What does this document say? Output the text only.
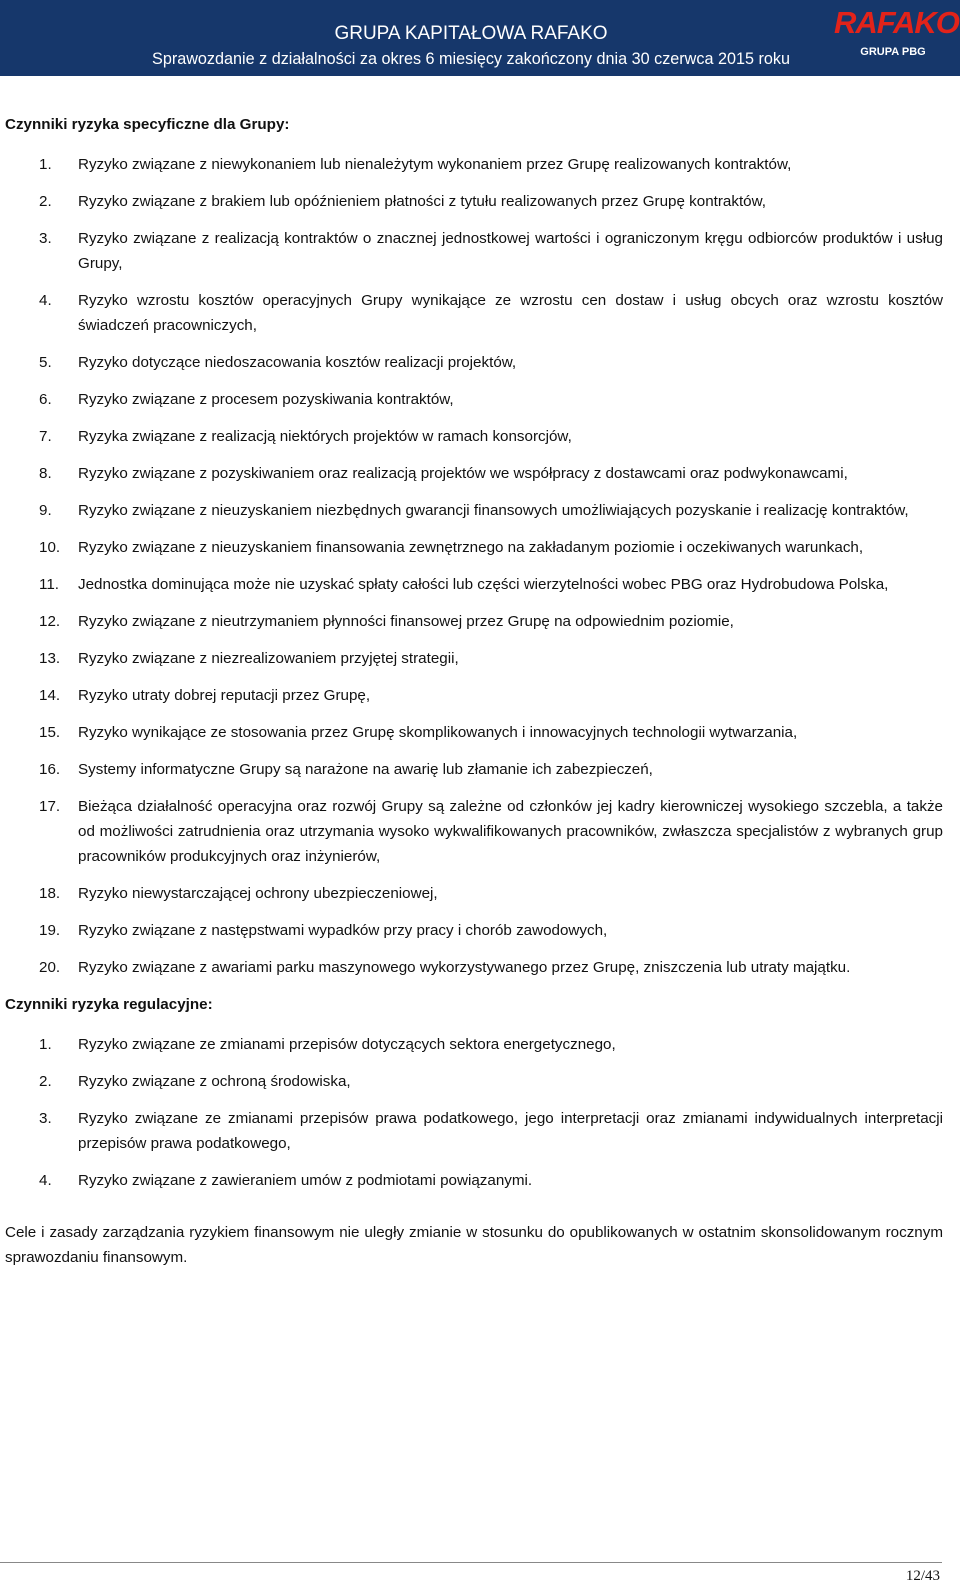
GRUPA KAPITAŁOWA RAFAKO
Sprawozdanie z działalności za okres 6 miesięcy zakończony dnia 30 czerwca 2015 roku
RAFAKO
GRUPA PBG

Czynniki ryzyka specyficzne dla Grupy:

1. Ryzyko związane z niewykonaniem lub nienależytym wykonaniem przez Grupę realizowanych kontraktów,
2. Ryzyko związane z brakiem lub opóźnieniem płatności z tytułu realizowanych przez Grupę kontraktów,
3. Ryzyko związane z realizacją kontraktów o znacznej jednostkowej wartości i ograniczonym kręgu odbiorców produktów i usług Grupy,
4. Ryzyko wzrostu kosztów operacyjnych Grupy wynikające ze wzrostu cen dostaw i usług obcych oraz wzrostu kosztów świadczeń pracowniczych,
5. Ryzyko dotyczące niedoszacowania kosztów realizacji projektów,
6. Ryzyko związane z procesem pozyskiwania kontraktów,
7. Ryzyka związane z realizacją niektórych projektów w ramach konsorcjów,
8. Ryzyko związane z pozyskiwaniem oraz realizacją projektów we współpracy z dostawcami oraz podwykonawcami,
9. Ryzyko związane z nieuzyskaniem niezbędnych gwarancji finansowych umożliwiających pozyskanie i realizację kontraktów,
10. Ryzyko związane z nieuzyskaniem finansowania zewnętrznego na zakładanym poziomie i oczekiwanych warunkach,
11. Jednostka dominująca może nie uzyskać spłaty całości lub części wierzytelności wobec PBG oraz Hydrobudowa Polska,
12. Ryzyko związane z nieutrzymaniem płynności finansowej przez Grupę na odpowiednim poziomie,
13. Ryzyko związane z niezrealizowaniem przyjętej strategii,
14. Ryzyko utraty dobrej reputacji przez Grupę,
15. Ryzyko wynikające ze stosowania przez Grupę skomplikowanych i innowacyjnych technologii wytwarzania,
16. Systemy informatyczne Grupy są narażone na awarię lub złamanie ich zabezpieczeń,
17. Bieżąca działalność operacyjna oraz rozwój Grupy są zależne od członków jej kadry kierowniczej wysokiego szczebla, a także od możliwości zatrudnienia oraz utrzymania wysoko wykwalifikowanych pracowników, zwłaszcza specjalistów z wybranych grup pracowników produkcyjnych oraz inżynierów,
18. Ryzyko niewystarczającej ochrony ubezpieczeniowej,
19. Ryzyko związane z następstwami wypadków przy pracy i chorób zawodowych,
20. Ryzyko związane z awariami parku maszynowego wykorzystywanego przez Grupę, zniszczenia lub utraty majątku.

Czynniki ryzyka regulacyjne:

1. Ryzyko związane ze zmianami przepisów dotyczących sektora energetycznego,
2. Ryzyko związane z ochroną środowiska,
3. Ryzyko związane ze zmianami przepisów prawa podatkowego, jego interpretacji oraz zmianami indywidualnych interpretacji przepisów prawa podatkowego,
4. Ryzyko związane z zawieraniem umów z podmiotami powiązanymi.

Cele i zasady zarządzania ryzykiem finansowym nie uległy zmianie w stosunku do opublikowanych w ostatnim skonsolidowanym rocznym sprawozdaniu finansowym.

12/43
